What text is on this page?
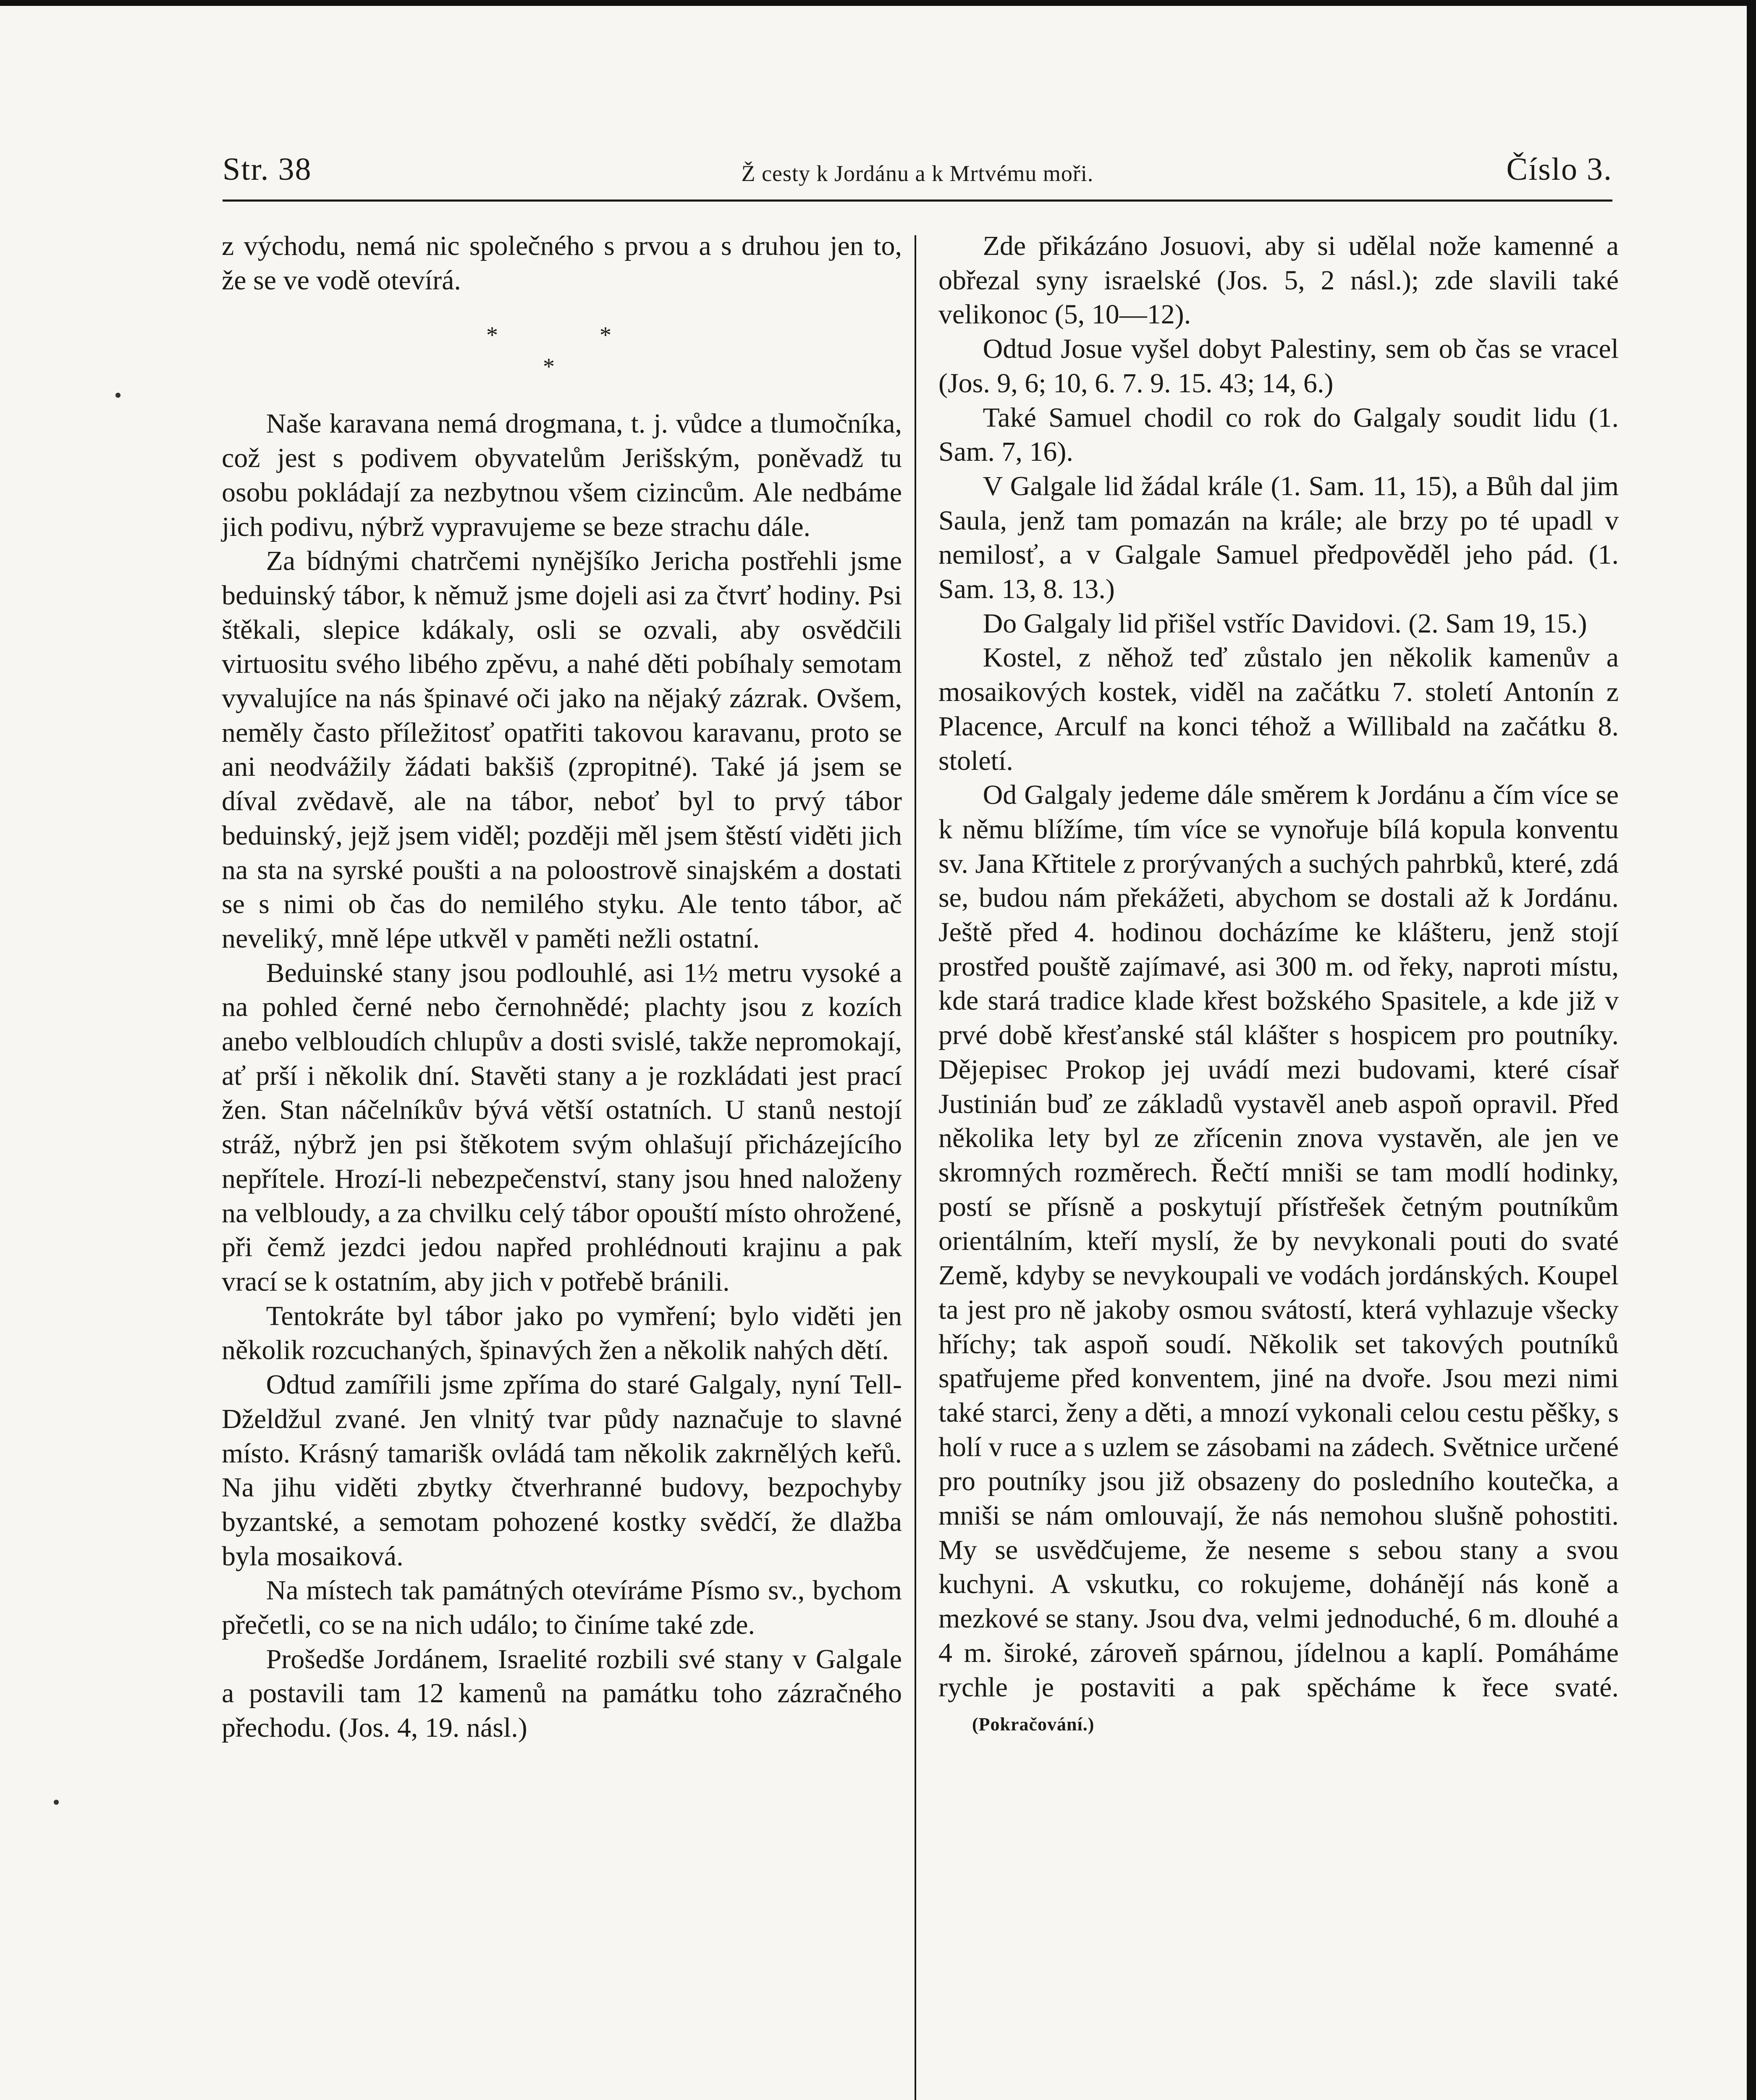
Str. 38	Ž cesty k Jordánu a k Mrtvému moři.	Číslo 3.

z východu, nemá nic společného s prvou a s druhou jen to, že se ve vodě otevírá.

*	*
*

Naše karavana nemá drogmana, t. j. vůdce a tlumočníka, což jest s podivem obyvatelům Jerišským, poněvadž tu osobu pokládají za nezbytnou všem cizincům. Ale nedbáme jich podivu, nýbrž vypravujeme se beze strachu dále.

Za bídnými chatrčemi nynějšíko Jericha postřehli jsme beduinský tábor, k němuž jsme dojeli asi za čtvrť hodiny. Psi štěkali, slepice kdákaly, osli se ozvali, aby osvědčili virtuositu svého libého zpěvu, a nahé děti pobíhaly semotam vyvalujíce na nás špinavé oči jako na nějaký zázrak. Ovšem, neměly často příležitosť opatřiti takovou karavanu, proto se ani neodvážily žádati bakšiš (zpropitné). Také já jsem se díval zvědavě, ale na tábor, neboť byl to prvý tábor beduinský, jejž jsem viděl; později měl jsem štěstí viděti jich na sta na syrské poušti a na poloostrově sinajském a dostati se s nimi ob čas do nemilého styku. Ale tento tábor, ač neveliký, mně lépe utkvěl v paměti nežli ostatní.

Beduinské stany jsou podlouhlé, asi 1½ metru vysoké a na pohled černé nebo černohnědé; plachty jsou z kozích anebo velbloudích chlupův a dosti svislé, takže nepromokají, ať prší i několik dní. Stavěti stany a je rozkládati jest prací žen. Stan náčelníkův bývá větší ostatních. U stanů nestojí stráž, nýbrž jen psi štěkotem svým ohlašují přicházejícího nepřítele. Hrozí-li nebezpečenství, stany jsou hned naloženy na velbloudy, a za chvilku celý tábor opouští místo ohrožené, při čemž jezdci jedou napřed prohlédnouti krajinu a pak vrací se k ostatním, aby jich v potřebě bránili.

Tentokráte byl tábor jako po vymření; bylo viděti jen několik rozcuchaných, špinavých žen a několik nahých dětí.

Odtud zamířili jsme zpříma do staré Galgaly, nyní Tell-Dželdžul zvané. Jen vlnitý tvar půdy naznačuje to slavné místo. Krásný tamarišk ovládá tam několik zakrnělých keřů. Na jihu viděti zbytky čtverhranné budovy, bezpochyby byzantské, a semotam pohozené kostky svědčí, že dlažba byla mosaiková.

Na místech tak památných otevíráme Písmo sv., bychom přečetli, co se na nich událo; to činíme také zde.

Prošedše Jordánem, Israelité rozbili své stany v Galgale a postavili tam 12 kamenů na památku toho zázračného přechodu. (Jos. 4, 19. násl.)

Zde přikázáno Josuovi, aby si udělal nože kamenné a obřezal syny israelské (Jos. 5, 2 násl.); zde slavili také velikonoc (5, 10—12).

Odtud Josue vyšel dobyt Palestiny, sem ob čas se vracel (Jos. 9, 6; 10, 6. 7. 9. 15. 43; 14, 6.)

Také Samuel chodil co rok do Galgaly soudit lidu (1. Sam. 7, 16).

V Galgale lid žádal krále (1. Sam. 11, 15), a Bůh dal jim Saula, jenž tam pomazán na krále; ale brzy po té upadl v nemilosť, a v Galgale Samuel předpověděl jeho pád. (1. Sam. 13, 8. 13.)

Do Galgaly lid přišel vstříc Davidovi. (2. Sam 19, 15.)

Kostel, z něhož teď zůstalo jen několik kamenův a mosaikových kostek, viděl na začátku 7. století Antonín z Placence, Arculf na konci téhož a Willibald na začátku 8. století.

Od Galgaly jedeme dále směrem k Jordánu a čím více se k němu blížíme, tím více se vynořuje bílá kopula konventu sv. Jana Křtitele z prorývaných a suchých pahrbků, které, zdá se, budou nám překážeti, abychom se dostali až k Jordánu. Ještě před 4. hodinou docházíme ke klášteru, jenž stojí prostřed pouště zajímavé, asi 300 m. od řeky, naproti místu, kde stará tradice klade křest božského Spasitele, a kde již v prvé době křesťanské stál klášter s hospicem pro poutníky. Dějepisec Prokop jej uvádí mezi budovami, které císař Justinián buď ze základů vystavěl aneb aspoň opravil. Před několika lety byl ze zřícenin znova vystavěn, ale jen ve skromných rozměrech. Řečtí mniši se tam modlí hodinky, postí se přísně a poskytují přístřešek četným poutníkům orientálním, kteří myslí, že by nevykonali pouti do svaté Země, kdyby se nevykoupali ve vodách jordánských. Koupel ta jest pro ně jakoby osmou svátostí, která vyhlazuje všecky hříchy; tak aspoň soudí. Několik set takových poutníků spatřujeme před konventem, jiné na dvoře. Jsou mezi nimi také starci, ženy a děti, a mnozí vykonali celou cestu pěšky, s holí v ruce a s uzlem se zásobami na zádech. Světnice určené pro poutníky jsou již obsazeny do posledního koutečka, a mniši se nám omlouvají, že nás nemohou slušně pohostiti. My se usvědčujeme, že neseme s sebou stany a svou kuchyni. A vskutku, co rokujeme, dohánějí nás koně a mezkové se stany. Jsou dva, velmi jednoduché, 6 m. dlouhé a 4 m. široké, zároveň spárnou, jídelnou a kaplí. Pomáháme rychle je postaviti a pak spěcháme k řece svaté.(Pokračování.)
